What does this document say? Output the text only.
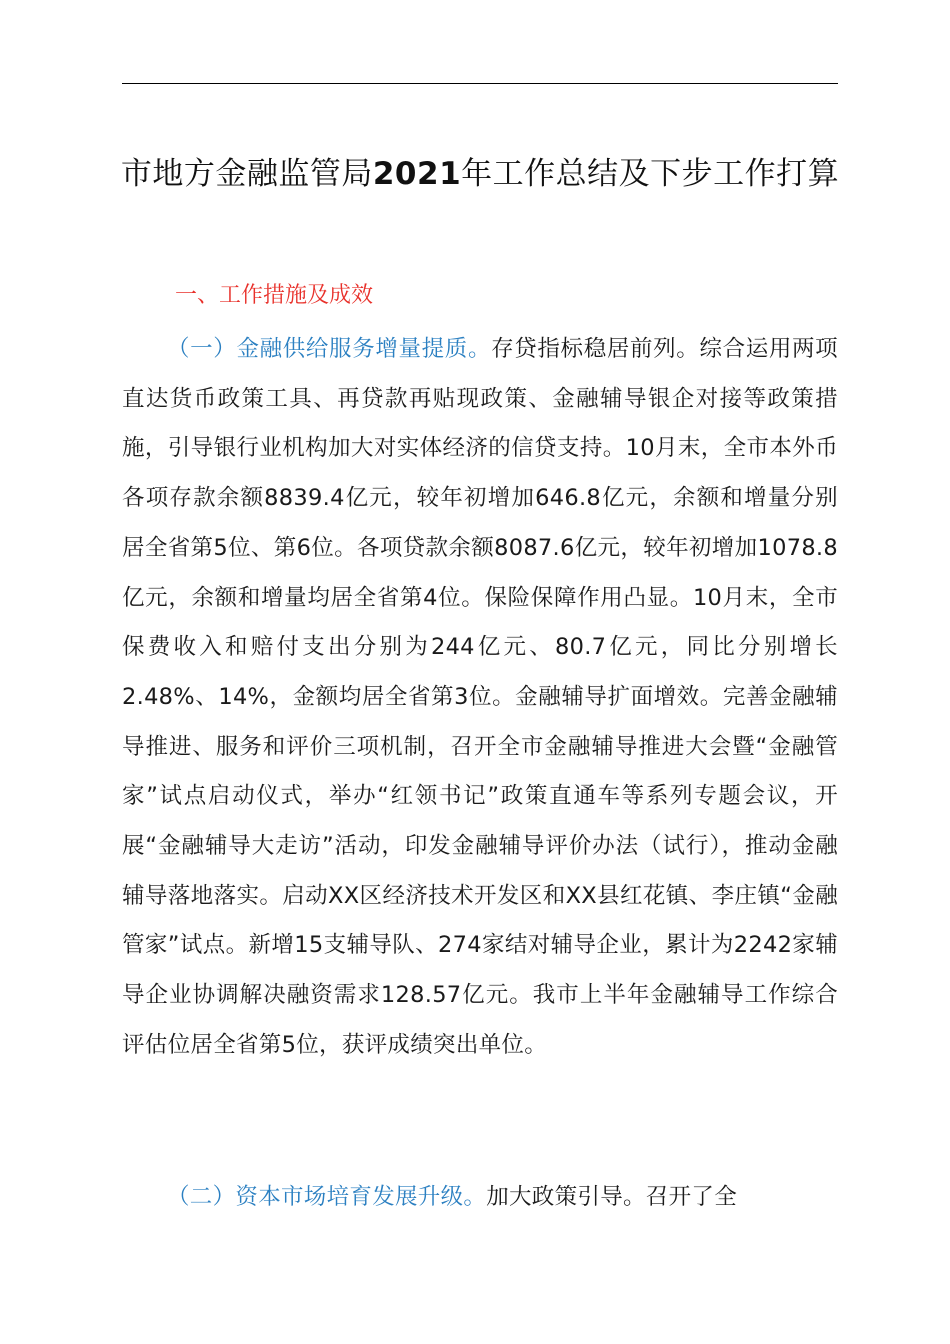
市地方金融监管局2021年工作总结及下步工作打算
一、工作措施及成效

（一）金融供给服务增量提质。存贷指标稳居前列。综合运用两项直达货币政策工具、再贷款再贴现政策、金融辅导银企对接等政策措施，引导银行业机构加大对实体经济的信贷支持。10月末，全市本外币各项存款余额8839.4亿元，较年初增加646.8亿元，余额和增量分别居全省第5位、第6位。各项贷款余额8087.6亿元，较年初增加1078.8亿元，余额和增量均居全省第4位。保险保障作用凸显。10月末，全市保费收入和赔付支出分别为244亿元、80.7亿元，同比分别增长2.48%、14%，金额均居全省第3位。金融辅导扩面增效。完善金融辅导推进、服务和评价三项机制，召开全市金融辅导推进大会暨“金融管家”试点启动仪式，举办“红领书记”政策直通车等系列专题会议，开展“金融辅导大走访”活动，印发金融辅导评价办法（试行），推动金融辅导落地落实。启动XX区经济技术开发区和XX县红花镇、李庄镇“金融管家”试点。新增15支辅导队、274家结对辅导企业，累计为2242家辅导企业协调解决融资需求128.57亿元。我市上半年金融辅导工作综合评估位居全省第5位，获评成绩突出单位。

（二）资本市场培育发展升级。加大政策引导。召开了全
